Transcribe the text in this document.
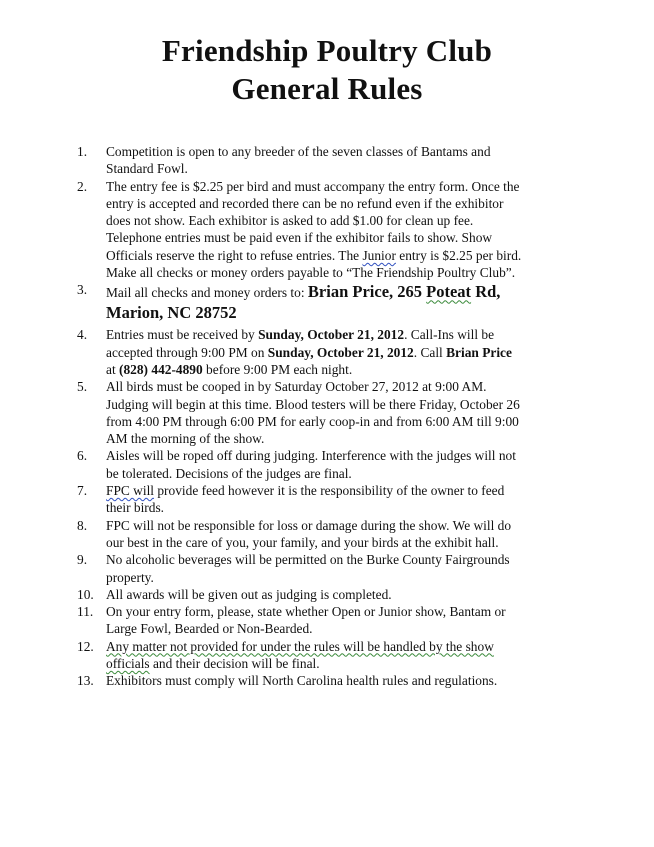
Friendship Poultry Club
General Rules
1.	Competition is open to any breeder of the seven classes of Bantams and
Standard Fowl.
2.	The entry fee is $2.25 per bird and must accompany the entry form. Once the
entry is accepted and recorded there can be no refund even if the exhibitor
does not show. Each exhibitor is asked to add $1.00 for clean up fee.
Telephone entries must be paid even if the exhibitor fails to show. Show
Officials reserve the right to refuse entries. The Junior entry is $2.25 per bird.
Make all checks or money orders payable to “The Friendship Poultry Club”.
3.	Mail all checks and money orders to: Brian Price, 265 Poteat Rd,
Marion, NC 28752
4.	Entries must be received by Sunday, October 21, 2012. Call-Ins will be
accepted through 9:00 PM on Sunday, October 21, 2012. Call Brian Price
at (828) 442-4890 before 9:00 PM each night.
5.	All birds must be cooped in by Saturday October 27, 2012 at 9:00 AM.
Judging will begin at this time. Blood testers will be there Friday, October 26
from 4:00 PM through 6:00 PM for early coop-in and from 6:00 AM till 9:00
AM the morning of the show.
6.	Aisles will be roped off during judging. Interference with the judges will not
be tolerated. Decisions of the judges are final.
7.	FPC will provide feed however it is the responsibility of the owner to feed
their birds.
8.	FPC will not be responsible for loss or damage during the show. We will do
our best in the care of you, your family, and your birds at the exhibit hall.
9.	No alcoholic beverages will be permitted on the Burke County Fairgrounds
property.
10. All awards will be given out as judging is completed.
11. On your entry form, please, state whether Open or Junior show, Bantam or
Large Fowl, Bearded or Non-Bearded.
12. Any matter not provided for under the rules will be handled by the show
officials and their decision will be final.
13. Exhibitors must comply will North Carolina health rules and regulations.
